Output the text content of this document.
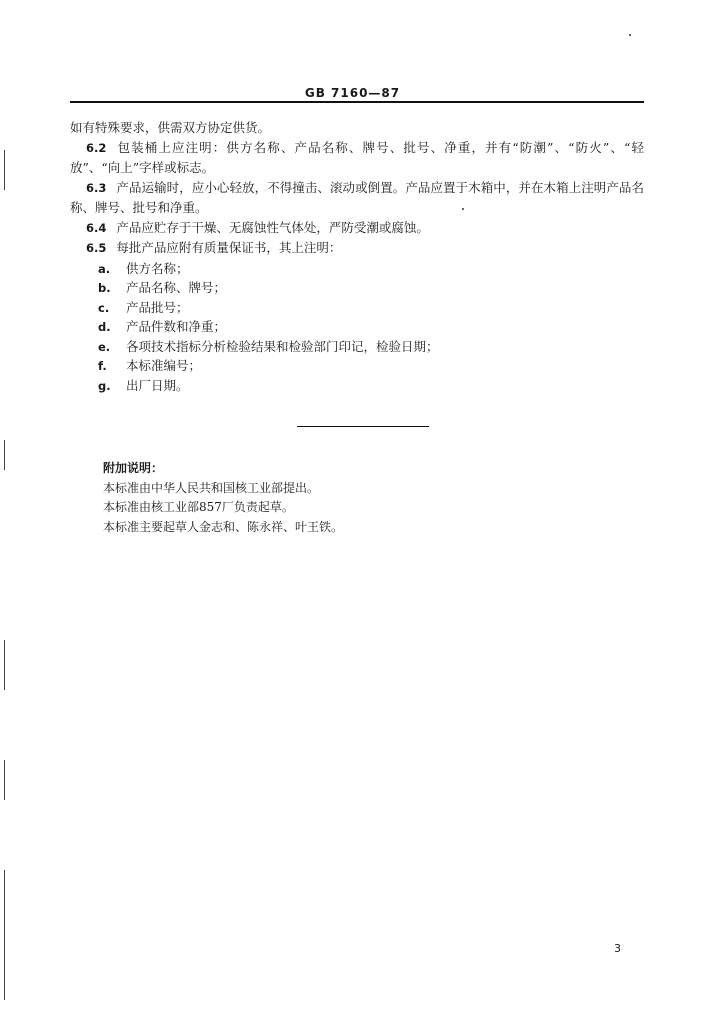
GB 7160—87

如有特殊要求，供需双方协定供货。

6.2 包装桶上应注明：供方名称、产品名称、牌号、批号、净重，并有“防潮”、“防火”、“轻放”、“向上”字样或标志。

6.3 产品运输时，应小心轻放，不得撞击、滚动或倒置。产品应置于木箱中，并在木箱上注明产品名称、牌号、批号和净重。

6.4 产品应贮存于干燥、无腐蚀性气体处，严防受潮或腐蚀。

6.5 每批产品应附有质量保证书，其上注明：

a. 供方名称；
b. 产品名称、牌号；
c. 产品批号；
d. 产品件数和净重；
e. 各项技术指标分析检验结果和检验部门印记，检验日期；
f. 本标准编号；
g. 出厂日期。

附加说明：

本标准由中华人民共和国核工业部提出。

本标准由核工业部857厂负责起草。

本标准主要起草人金志和、陈永祥、叶王铁。

3
